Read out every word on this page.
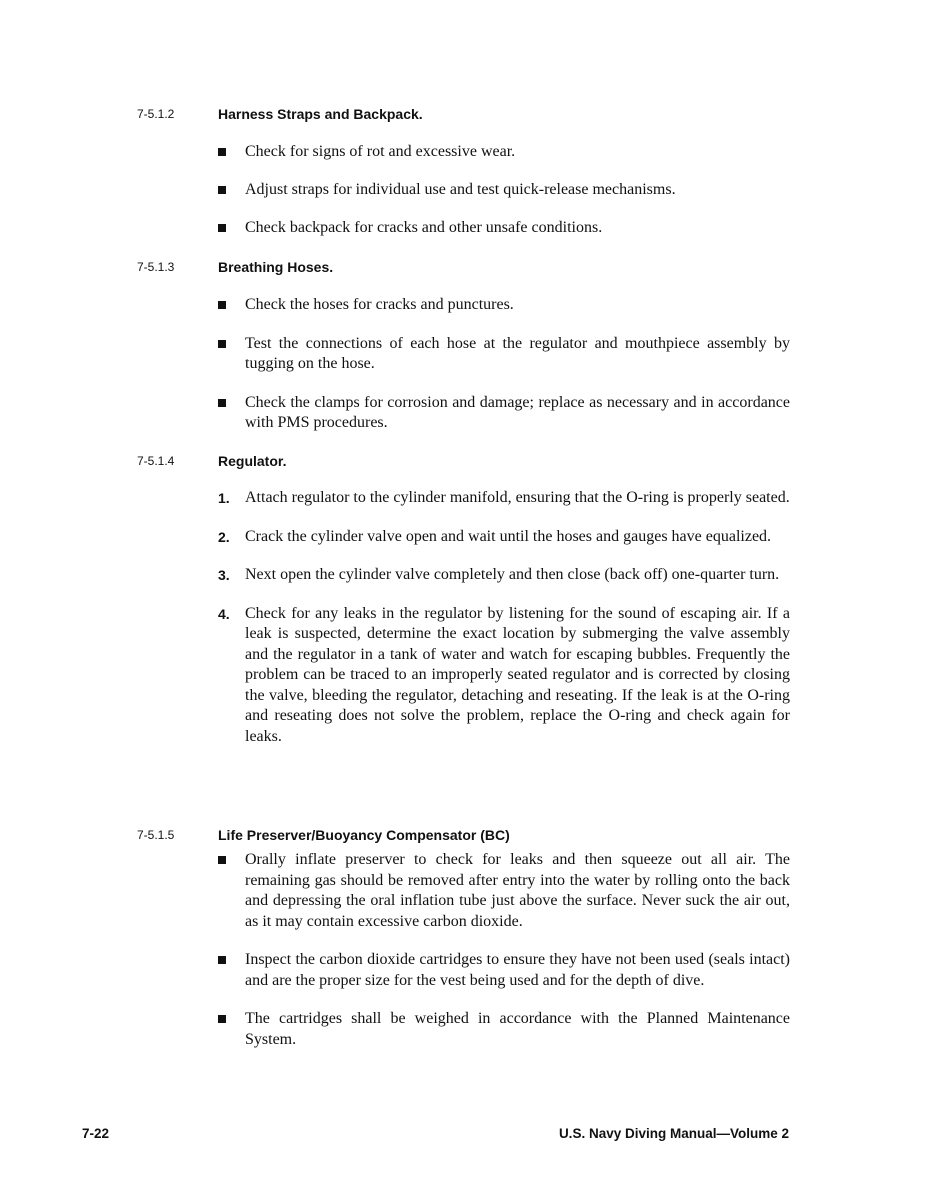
7-5.1.2	Harness Straps and Backpack.
Check for signs of rot and excessive wear.
Adjust straps for individual use and test quick-release mechanisms.
Check backpack for cracks and other unsafe conditions.
7-5.1.3	Breathing Hoses.
Check the hoses for cracks and punctures.
Test the connections of each hose at the regulator and mouthpiece assembly by tugging on the hose.
Check the clamps for corrosion and damage; replace as necessary and in accordance with PMS procedures.
7-5.1.4	Regulator.
1. Attach regulator to the cylinder manifold, ensuring that the O-ring is properly seated.
2. Crack the cylinder valve open and wait until the hoses and gauges have equalized.
3. Next open the cylinder valve completely and then close (back off) one-quarter turn.
4. Check for any leaks in the regulator by listening for the sound of escaping air. If a leak is suspected, determine the exact location by submerging the valve assembly and the regulator in a tank of water and watch for escaping bubbles. Frequently the problem can be traced to an improperly seated regulator and is corrected by closing the valve, bleeding the regulator, detaching and reseating. If the leak is at the O-ring and reseating does not solve the problem, replace the O-ring and check again for leaks.
7-5.1.5	Life Preserver/Buoyancy Compensator (BC)
Orally inflate preserver to check for leaks and then squeeze out all air. The remaining gas should be removed after entry into the water by rolling onto the back and depressing the oral inflation tube just above the surface. Never suck the air out, as it may contain excessive carbon dioxide.
Inspect the carbon dioxide cartridges to ensure they have not been used (seals intact) and are the proper size for the vest being used and for the depth of dive.
The cartridges shall be weighed in accordance with the Planned Maintenance System.
7-22	U.S. Navy Diving Manual—Volume 2
